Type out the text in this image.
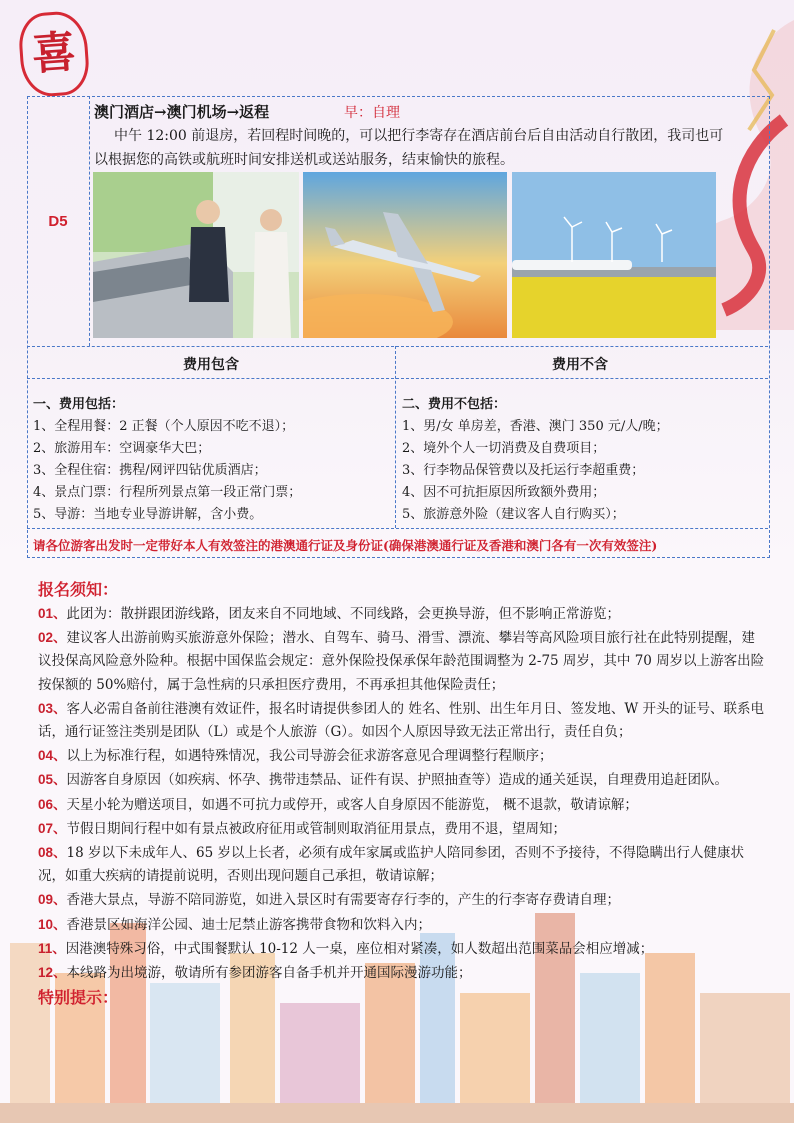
喜
D5
澳门酒店→澳门机场→返程	早：自理
中午 12:00 前退房，若回程时间晚的，可以把行李寄存在酒店前台后自由活动自行散团，我司也可以根据您的高铁或航班时间安排送机或送站服务，结束愉快的旅程。
费用包含	费用不含
一、费用包括：
1、全程用餐：2 正餐（个人原因不吃不退）；
2、旅游用车：空调豪华大巴；
3、全程住宿：携程/网评四钻优质酒店；
4、景点门票：行程所列景点第一段正常门票；
5、导游：当地专业导游讲解，含小费。
二、费用不包括：
1、男/女 单房差，香港、澳门 350 元/人/晚；
2、境外个人一切消费及自费项目；
3、行李物品保管费以及托运行李超重费；
4、因不可抗拒原因所致额外费用；
5、旅游意外险（建议客人自行购买）；
请各位游客出发时一定带好本人有效签注的港澳通行证及身份证(确保港澳通行证及香港和澳门各有一次有效签注)
报名须知：

01、此团为：散拼跟团游线路，团友来自不同地域、不同线路，会更换导游，但不影响正常游览；

02、建议客人出游前购买旅游意外保险；潜水、自驾车、骑马、滑雪、漂流、攀岩等高风险项目旅行社在此特别提醒，建议投保高风险意外险种。根据中国保监会规定：意外保险投保承保年龄范围调整为 2-75 周岁，其中 70 周岁以上游客出险按保额的 50%赔付，属于急性病的只承担医疗费用，不再承担其他保险责任；

03、客人必需自备前往港澳有效证件，报名时请提供参团人的 姓名、性别、出生年月日、签发地、W 开头的证号、联系电话，通行证签注类别是团队（L）或是个人旅游（G）。如因个人原因导致无法正常出行，责任自负；

04、以上为标准行程，如遇特殊情况，我公司导游会征求游客意见合理调整行程顺序；

05、因游客自身原因（如疾病、怀孕、携带违禁品、证件有误、护照抽查等）造成的通关延误，自理费用追赶团队。

06、天星小轮为赠送项目，如遇不可抗力或停开，或客人自身原因不能游览， 概不退款，敬请谅解；

07、节假日期间行程中如有景点被政府征用或管制则取消征用景点，费用不退，望周知；

08、18 岁以下未成年人、65 岁以上长者，必须有成年家属或监护人陪同参团，否则不予接待，不得隐瞒出行人健康状况，如重大疾病的请提前说明，否则出现问题自己承担，敬请谅解；

09、香港大景点，导游不陪同游览，如进入景区时有需要寄存行李的，产生的行李寄存费请自理；

10、香港景区如海洋公园、迪士尼禁止游客携带食物和饮料入内；

11、因港澳特殊习俗，中式围餐默认 10-12 人一桌，座位相对紧凑，如人数超出范围菜品会相应增减；

12、本线路为出境游，敬请所有参团游客自备手机并开通国际漫游功能；

特别提示：
